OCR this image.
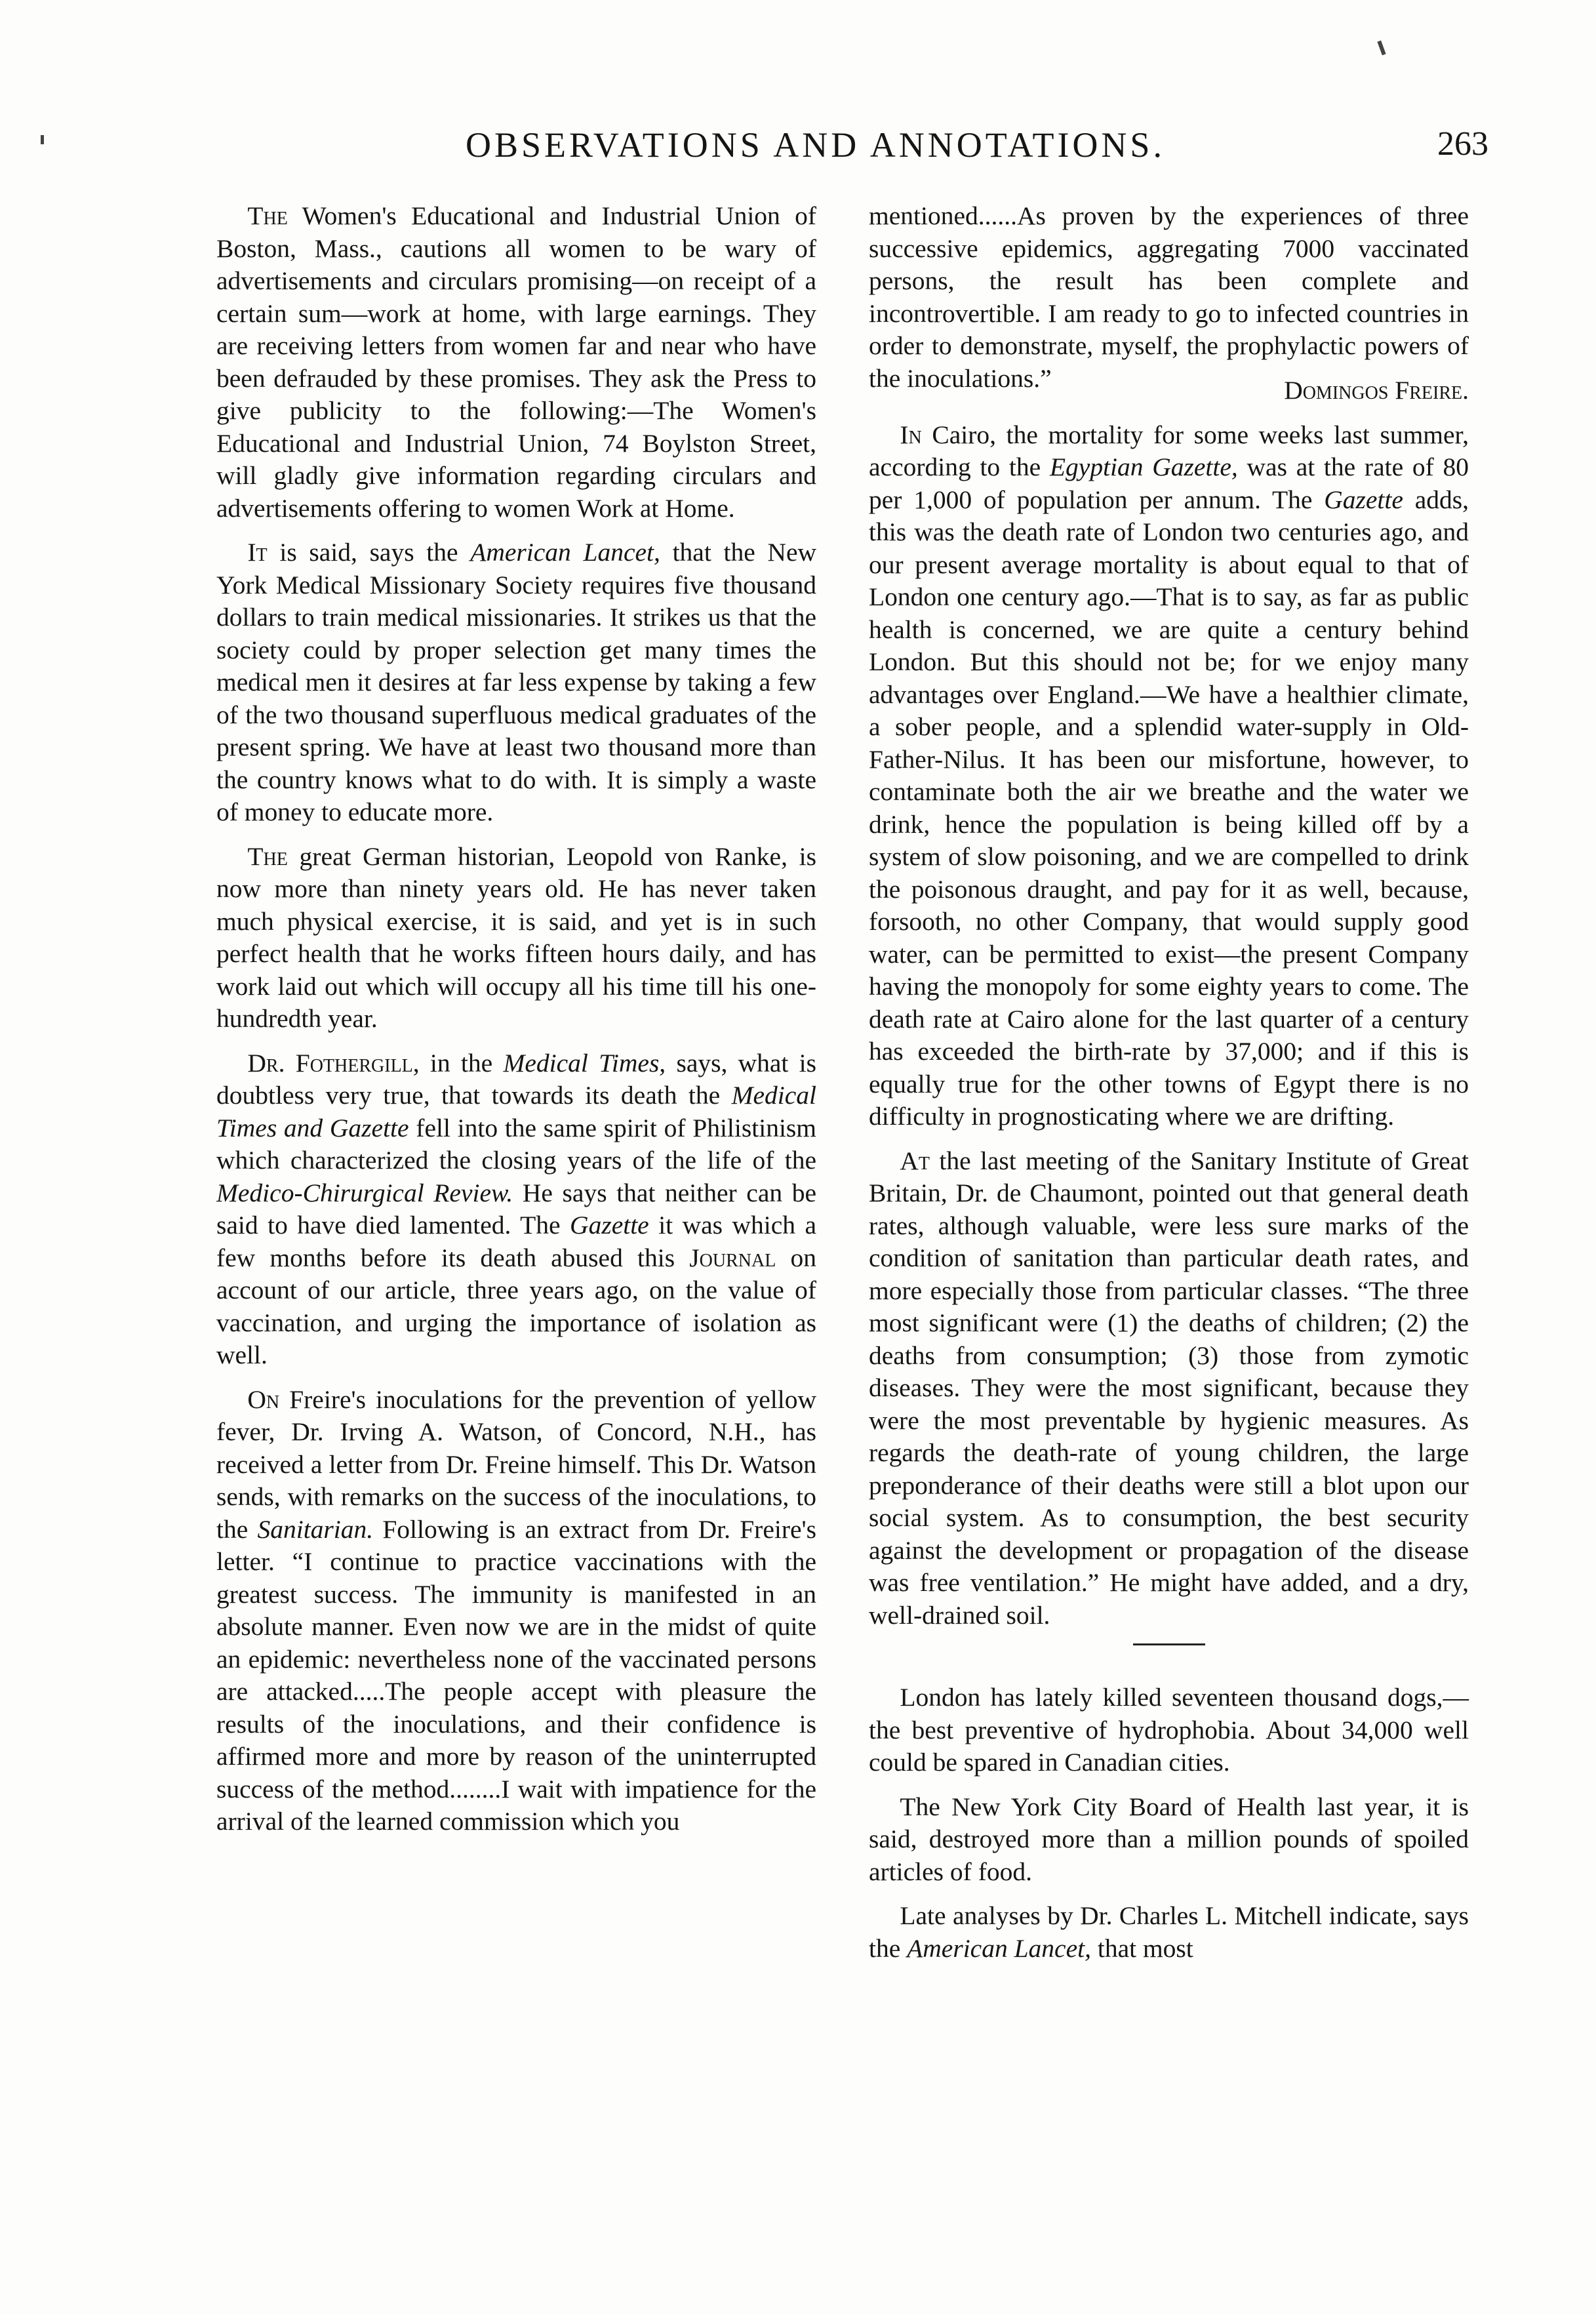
OBSERVATIONS AND ANNOTATIONS.	263

The Women's Educational and Industrial Union of Boston, Mass., cautions all women to be wary of advertisements and circulars promising—on receipt of a certain sum—work at home, with large earnings. They are receiving letters from women far and near who have been defrauded by these promises. They ask the Press to give publicity to the following:—The Women's Educational and Industrial Union, 74 Boylston Street, will gladly give information regarding circulars and advertisements offering to women Work at Home.

It is said, says the American Lancet, that the New York Medical Missionary Society requires five thousand dollars to train medical missionaries. It strikes us that the society could by proper selection get many times the medical men it desires at far less expense by taking a few of the two thousand superfluous medical graduates of the present spring. We have at least two thousand more than the country knows what to do with. It is simply a waste of money to educate more.

The great German historian, Leopold von Ranke, is now more than ninety years old. He has never taken much physical exercise, it is said, and yet is in such perfect health that he works fifteen hours daily, and has work laid out which will occupy all his time till his one-hundredth year.

Dr. Fothergill, in the Medical Times, says, what is doubtless very true, that towards its death the Medical Times and Gazette fell into the same spirit of Philistinism which characterized the closing years of the life of the Medico-Chirurgical Review. He says that neither can be said to have died lamented. The Gazette it was which a few months before its death abused this Journal on account of our article, three years ago, on the value of vaccination, and urging the importance of isolation as well.

On Freire's inoculations for the prevention of yellow fever, Dr. Irving A. Watson, of Concord, N.H., has received a letter from Dr. Freine himself. This Dr. Watson sends, with remarks on the success of the inoculations, to the Sanitarian. Following is an extract from Dr. Freire's letter. “I continue to practice vaccinations with the greatest success. The immunity is manifested in an absolute manner. Even now we are in the midst of quite an epidemic: nevertheless none of the vaccinated persons are attacked.....The people accept with pleasure the results of the inoculations, and their confidence is affirmed more and more by reason of the uninterrupted success of the method........I wait with impatience for the arrival of the learned commission which you

mentioned......As proven by the experiences of three successive epidemics, aggregating 7000 vaccinated persons, the result has been complete and incontrovertible. I am ready to go to infected countries in order to demonstrate, myself, the prophylactic powers of the inoculations.”	Domingos Freire.

In Cairo, the mortality for some weeks last summer, according to the Egyptian Gazette, was at the rate of 80 per 1,000 of population per annum. The Gazette adds, this was the death rate of London two centuries ago, and our present average mortality is about equal to that of London one century ago.—That is to say, as far as public health is concerned, we are quite a century behind London. But this should not be; for we enjoy many advantages over England.—We have a healthier climate, a sober people, and a splendid water-supply in Old-Father-Nilus. It has been our misfortune, however, to contaminate both the air we breathe and the water we drink, hence the population is being killed off by a system of slow poisoning, and we are compelled to drink the poisonous draught, and pay for it as well, because, forsooth, no other Company, that would supply good water, can be permitted to exist—the present Company having the monopoly for some eighty years to come. The death rate at Cairo alone for the last quarter of a century has exceeded the birth-rate by 37,000; and if this is equally true for the other towns of Egypt there is no difficulty in prognosticating where we are drifting.

At the last meeting of the Sanitary Institute of Great Britain, Dr. de Chaumont, pointed out that general death rates, although valuable, were less sure marks of the condition of sanitation than particular death rates, and more especially those from particular classes. “The three most significant were (1) the deaths of children; (2) the deaths from consumption; (3) those from zymotic diseases. They were the most significant, because they were the most preventable by hygienic measures. As regards the death-rate of young children, the large preponderance of their deaths were still a blot upon our social system. As to consumption, the best security against the development or propagation of the disease was free ventilation.” He might have added, and a dry, well-drained soil.

London has lately killed seventeen thousand dogs,—the best preventive of hydrophobia. About 34,000 well could be spared in Canadian cities.

The New York City Board of Health last year, it is said, destroyed more than a million pounds of spoiled articles of food.

Late analyses by Dr. Charles L. Mitchell indicate, says the American Lancet, that most
